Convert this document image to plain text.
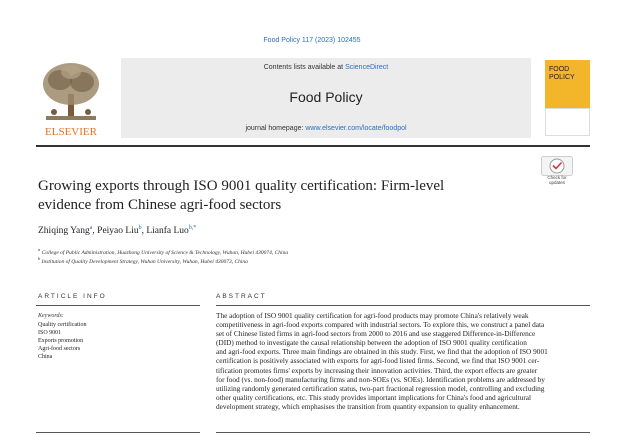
Food Policy 117 (2023) 102455
ELSEVIER
Contents lists available at ScienceDirect
Food Policy
journal homepage: www.elsevier.com/locate/foodpol
FOOD
POLICY
Growing exports through ISO 9001 quality certification: Firm-level
evidence from Chinese agri-food sectors
Check for
updates
Zhiqing Yang$^a$, Peiyao Liu$^b$, Lianfa Luo$^{b,*}$
$^a$ College of Public Administration, Huazhong University of Science & Technology, Wuhan, Hubei 430074, China
$^b$ Institution of Quality Development Strategy, Wuhan University, Wuhan, Hubei 430073, China
ARTICLE INFO	ABSTRACT
Keywords:
Quality certification
ISO 9001
Exports promotion
Agri-food sectors
China
The adoption of ISO 9001 quality certification for agri-food products may promote China's relatively weak
competitiveness in agri-food exports compared with industrial sectors. To explore this, we construct a panel data
set of Chinese listed firms in agri-food sectors from 2000 to 2016 and use staggered Difference-in-Difference
(DID) method to investigate the causal relationship between the adoption of ISO 9001 quality certification
and agri-food exports. Three main findings are obtained in this study. First, we find that the adoption of ISO 9001
certification is positively associated with exports for agri-food listed firms. Second, we find that ISO 9001 cer-
tification promotes firms' exports by increasing their innovation activities. Third, the export effects are greater
for food (vs. non-food) manufacturing firms and non-SOEs (vs. SOEs). Identification problems are addressed by
utilizing randomly generated certification status, two-part fractional regression model, controlling and excluding
other quality certifications, etc. This study provides important implications for China's food and agricultural
development strategy, which emphasises the transition from quantity expansion to quality enhancement.
